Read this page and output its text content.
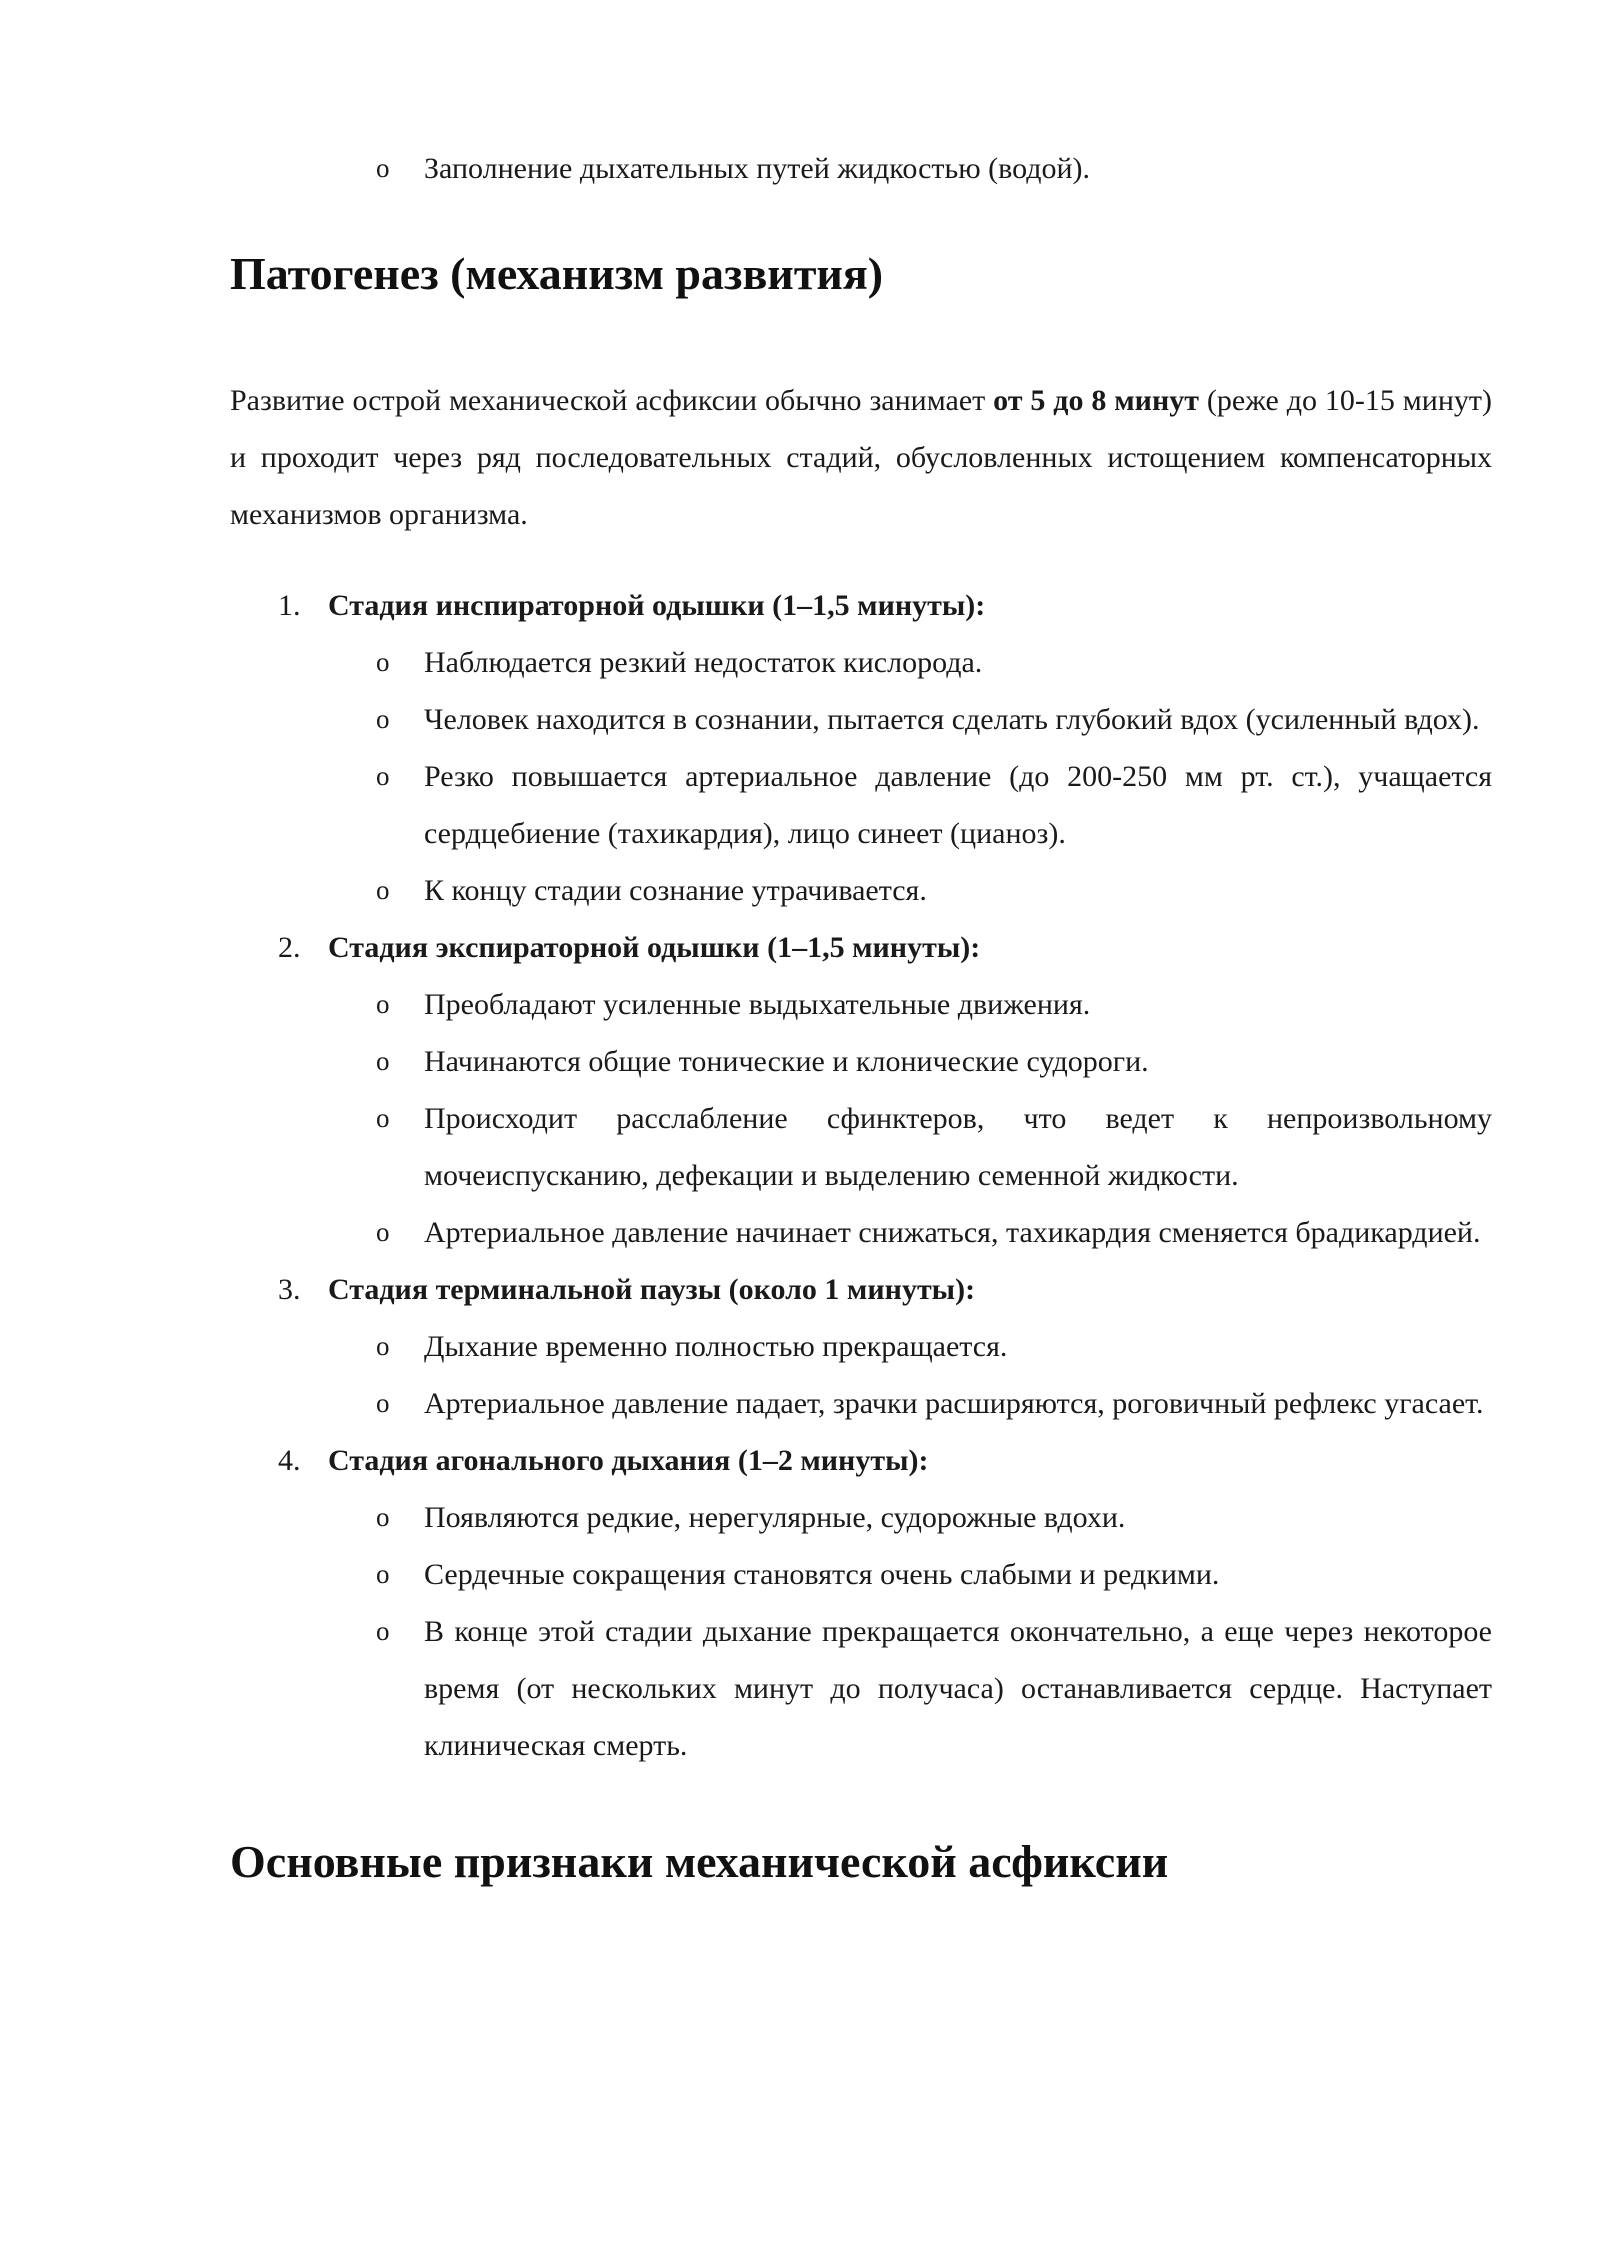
o Заполнение дыхательных путей жидкостью (водой).
Патогенез (механизм развития)

Развитие острой механической асфиксии обычно занимает от 5 до 8 минут (реже до 10-15 минут) и проходит через ряд последовательных стадий, обусловленных истощением компенсаторных механизмов организма.

1. Стадия инспираторной одышки (1–1,5 минуты):
o Наблюдается резкий недостаток кислорода.
o Человек находится в сознании, пытается сделать глубокий вдох (усиленный вдох).
o Резко повышается артериальное давление (до 200-250 мм рт. ст.), учащается сердцебиение (тахикардия), лицо синеет (цианоз).
o К концу стадии сознание утрачивается.
2. Стадия экспираторной одышки (1–1,5 минуты):
o Преобладают усиленные выдыхательные движения.
o Начинаются общие тонические и клонические судороги.
o Происходит расслабление сфинктеров, что ведет к непроизвольному мочеиспусканию, дефекации и выделению семенной жидкости.
o Артериальное давление начинает снижаться, тахикардия сменяется брадикардией.
3. Стадия терминальной паузы (около 1 минуты):
o Дыхание временно полностью прекращается.
o Артериальное давление падает, зрачки расширяются, роговичный рефлекс угасает.
4. Стадия агонального дыхания (1–2 минуты):
o Появляются редкие, нерегулярные, судорожные вдохи.
o Сердечные сокращения становятся очень слабыми и редкими.
o В конце этой стадии дыхание прекращается окончательно, а еще через некоторое время (от нескольких минут до получаса) останавливается сердце. Наступает клиническая смерть.
Основные признаки механической асфиксии
